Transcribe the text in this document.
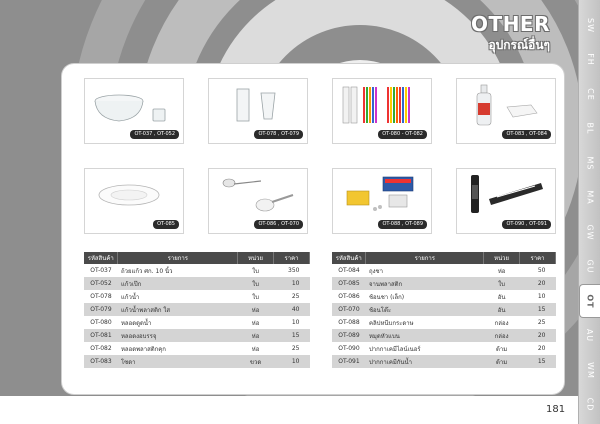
OTHER
อุปกรณ์อื่นๆ
SW
FH
CE
BL
MS
MA
GW
GU
OT
AU
WM
CD
OT-037 , OT-052	OT-078 , OT-079	OT-080 - OT-082	OT-083 , OT-084
OT-085	OT-086 , OT-070	OT-088 , OT-089	OT-090 , OT-091
รหัสสินค้า	รายการ	หน่วย	ราคา
OT-037	ถ้วยแก้ว ศก. 10 นิ้ว	ใบ	350
OT-052	แก้วเป๊ก	ใบ	10
OT-078	แก้วน้ำ	ใบ	25
OT-079	แก้วน้ำพลาสติก ใส	ห่อ	40
OT-080	หลอดดูดน้ำ	ห่อ	10
OT-081	หลอดงอบรรจุ	ห่อ	15
OT-082	หลอดพลาสติกคุก	ห่อ	25
OT-083	โซดา	ขวด	10
รหัสสินค้า	รายการ	หน่วย	ราคา
OT-084	ถุงชา	ห่อ	50
OT-085	จานพลาสติก	ใบ	20
OT-086	ช้อนชา (เล็ก)	อัน	10
OT-070	ช้อนโต๊ะ	อัน	15
OT-088	คลิปหนีบกระดาษ	กล่อง	25
OT-089	หมุดหัวแบน	กล่อง	20
OT-090	ปากกาเคมีไลน์เนอร์	ด้าม	20
OT-091	ปากกาเคมีกันน้ำ	ด้าม	15
181
